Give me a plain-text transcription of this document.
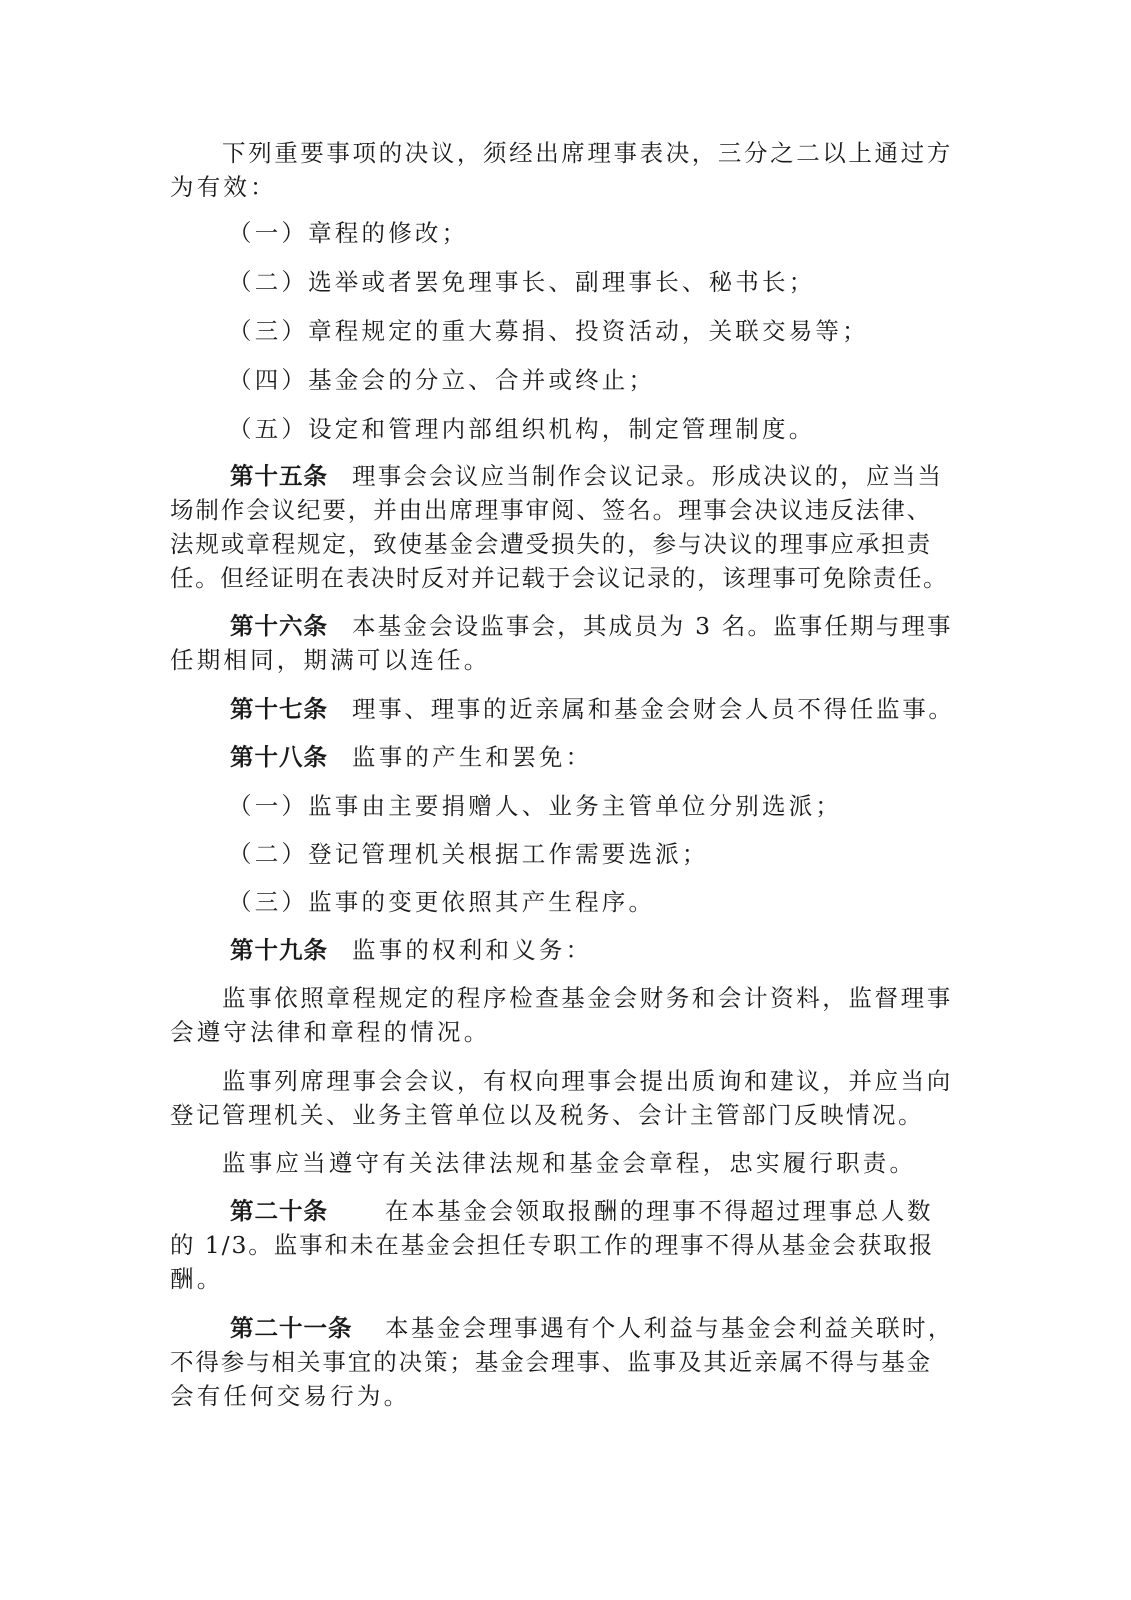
下列重要事项的决议，须经出席理事表决，三分之二以上通过方
为有效：
（一）章程的修改；
（二）选举或者罢免理事长、副理事长、秘书长；
（三）章程规定的重大募捐、投资活动，关联交易等；
（四）基金会的分立、合并或终止；
（五）设定和管理内部组织机构，制定管理制度。
第十五条 理事会会议应当制作会议记录。形成决议的，应当当
场制作会议纪要，并由出席理事审阅、签名。理事会决议违反法律、
法规或章程规定，致使基金会遭受损失的，参与决议的理事应承担责
任。但经证明在表决时反对并记载于会议记录的，该理事可免除责任。
第十六条 本基金会设监事会，其成员为 3 名。监事任期与理事
任期相同，期满可以连任。
第十七条 理事、理事的近亲属和基金会财会人员不得任监事。
第十八条 监事的产生和罢免：
（一）监事由主要捐赠人、业务主管单位分别选派；
（二）登记管理机关根据工作需要选派；
（三）监事的变更依照其产生程序。
第十九条 监事的权利和义务：
监事依照章程规定的程序检查基金会财务和会计资料，监督理事
会遵守法律和章程的情况。
监事列席理事会会议，有权向理事会提出质询和建议，并应当向
登记管理机关、业务主管单位以及税务、会计主管部门反映情况。
监事应当遵守有关法律法规和基金会章程，忠实履行职责。
第二十条 在本基金会领取报酬的理事不得超过理事总人数
的 1/3。监事和未在基金会担任专职工作的理事不得从基金会获取报
酬。
第二十一条 本基金会理事遇有个人利益与基金会利益关联时，
不得参与相关事宜的决策；基金会理事、监事及其近亲属不得与基金
会有任何交易行为。
